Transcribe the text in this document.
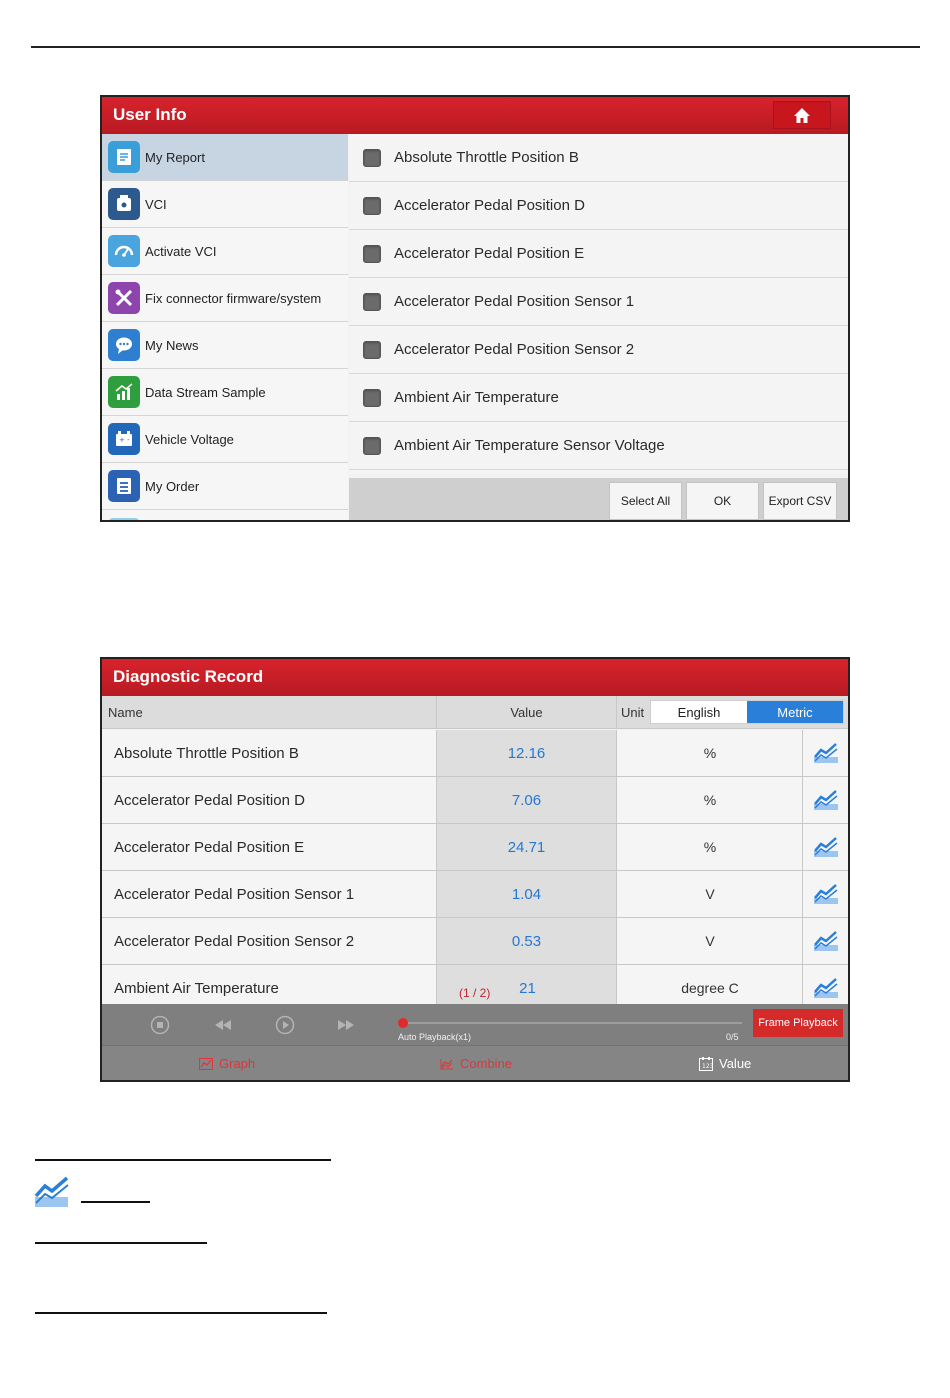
User Info
My Report
VCI
Activate VCI
Fix connector firmware/system
My News
Data Stream Sample
+ - Vehicle Voltage
My Order
Absolute Throttle Position B
Accelerator Pedal Position D
Accelerator Pedal Position E
Accelerator Pedal Position Sensor 1
Accelerator Pedal Position Sensor 2
Ambient Air Temperature
Ambient Air Temperature Sensor Voltage
Select All	OK	Export CSV
Diagnostic Record
Name	Value	Unit	English	Metric
Absolute Throttle Position B	12.16	%
Accelerator Pedal Position D	7.06	%
Accelerator Pedal Position E	24.71	%
Accelerator Pedal Position Sensor 1	1.04	V
Accelerator Pedal Position Sensor 2	0.53	V
Ambient Air Temperature	(1 / 2)	21	degree C
Auto Playback(x1)	0/5
Frame Playback
Graph	Combine	123 Value
